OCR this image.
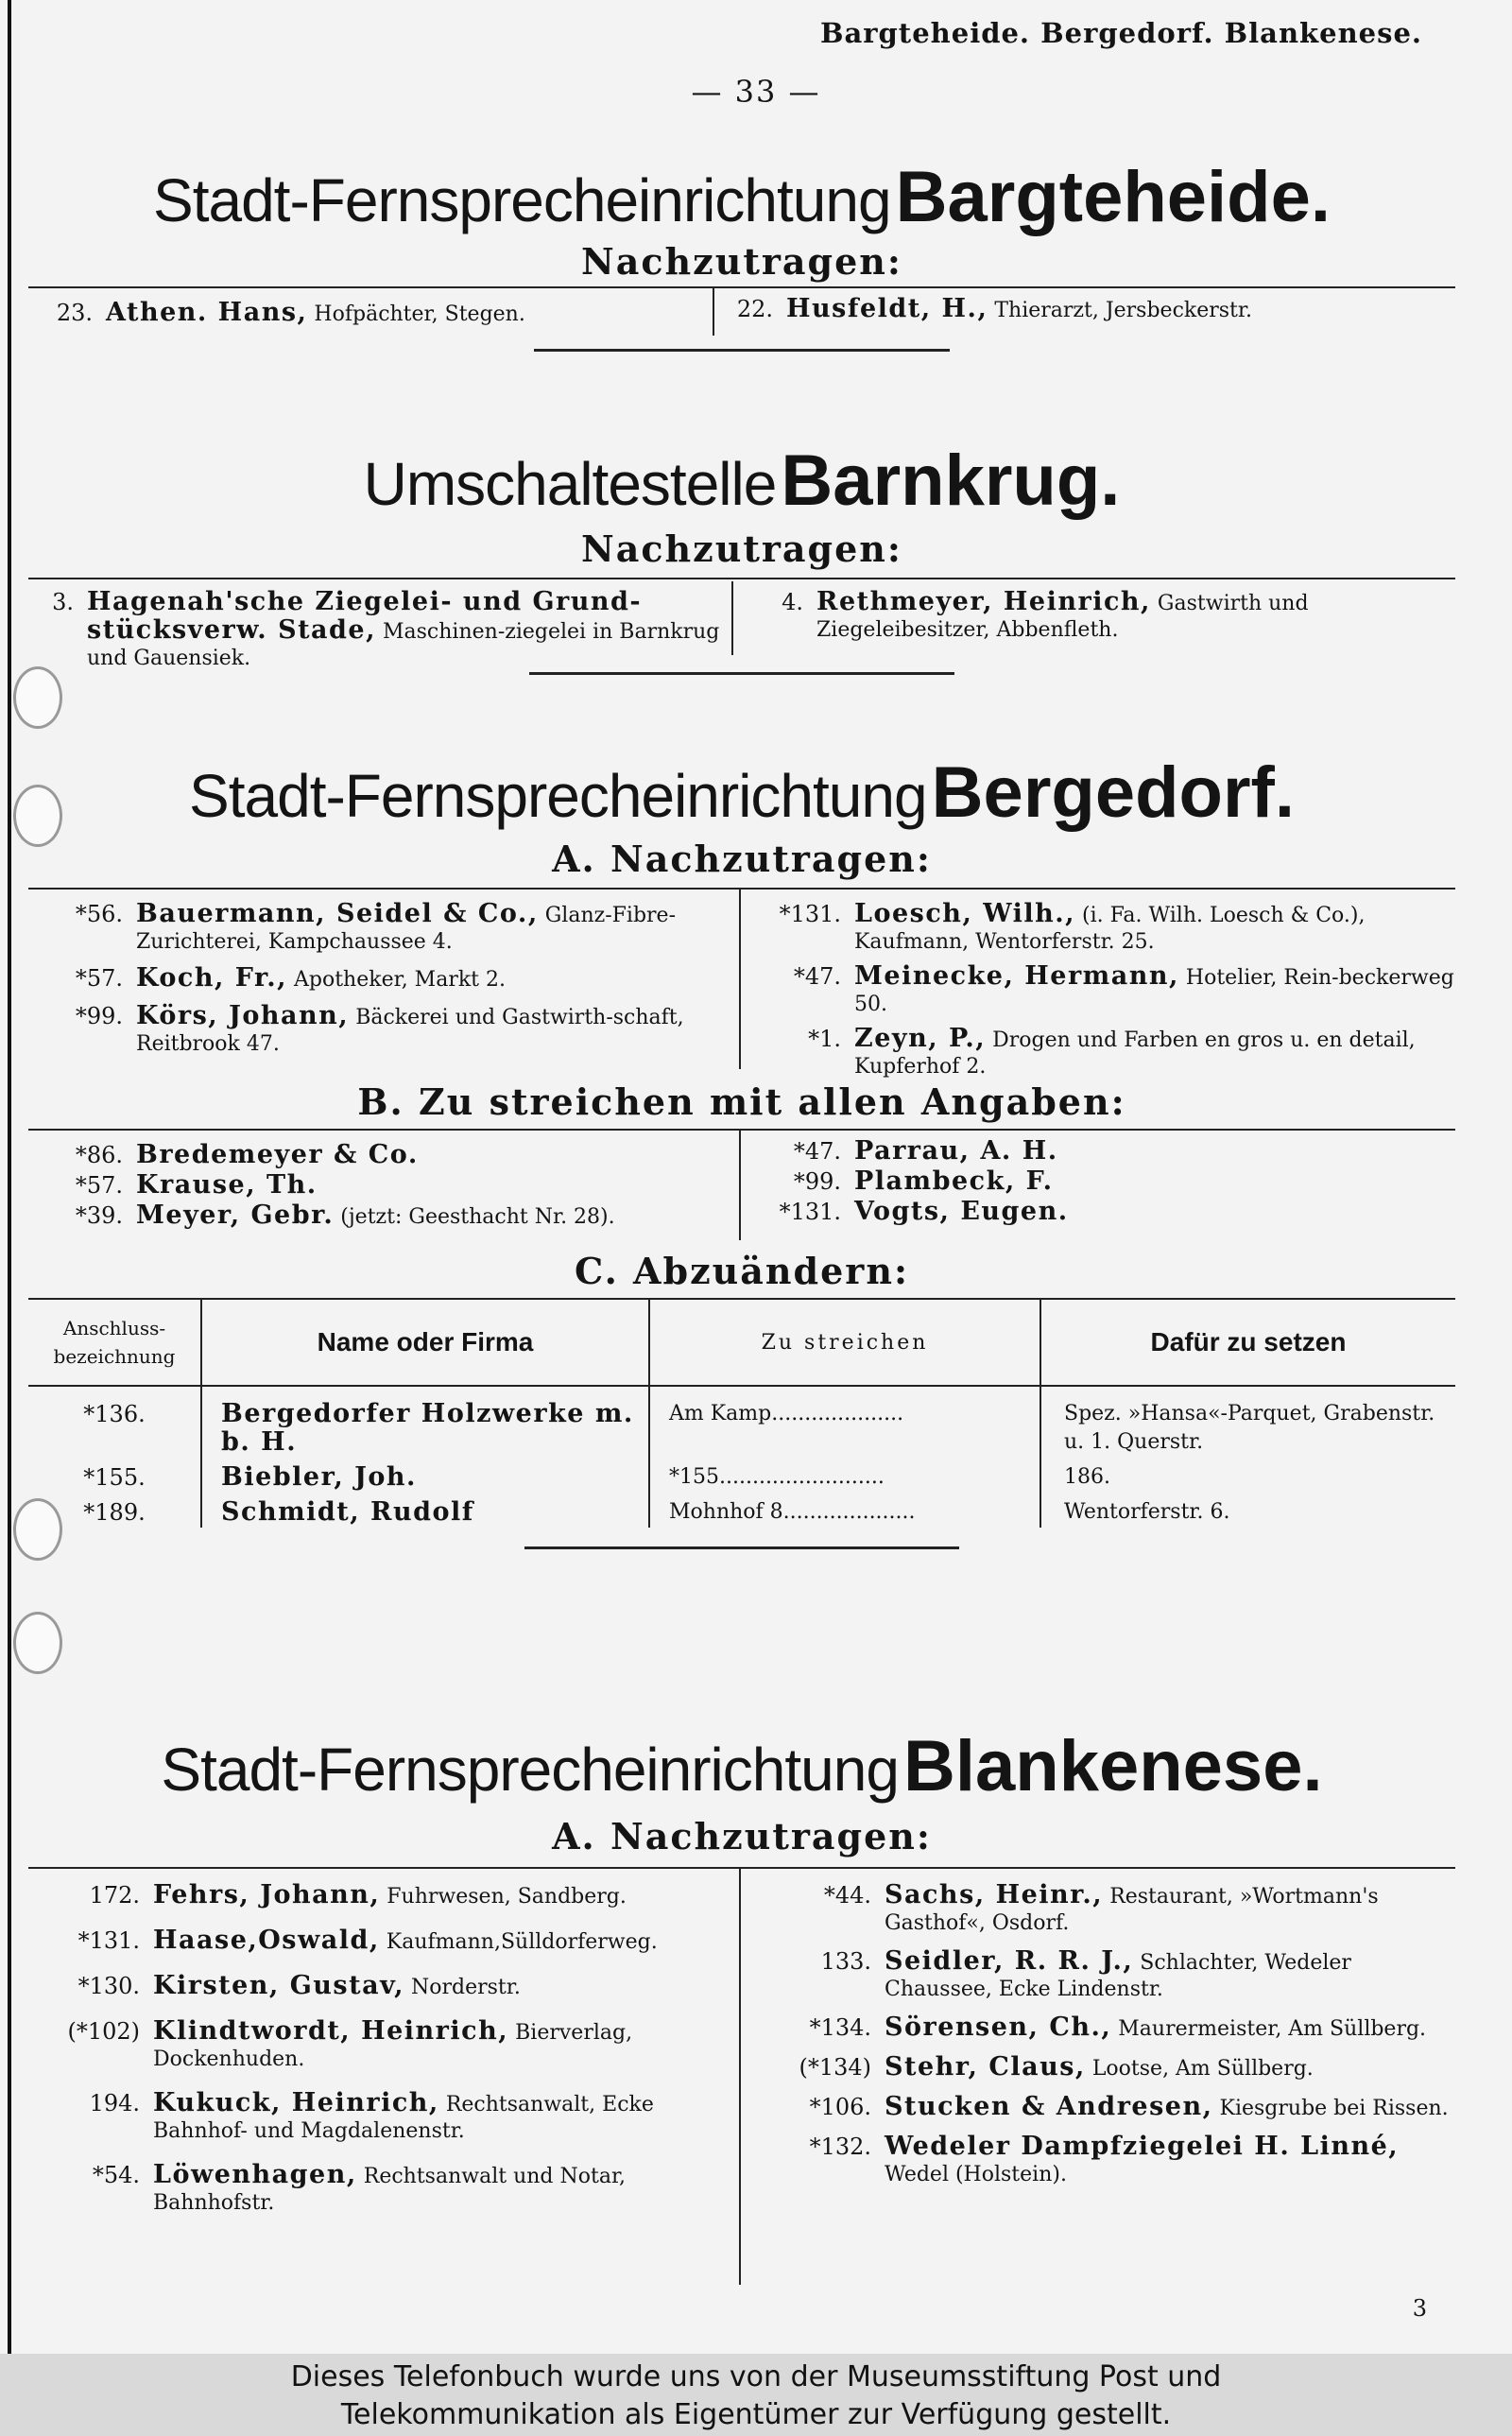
Bargteheide. Bergedorf. Blankenese.
— 33 —
Stadt-Fernsprecheinrichtung Bargteheide.
Nachzutragen:
23. Athen. Hans, Hofpächter, Stegen.	22. Husfeldt, H., Thierarzt, Jersbeckerstr.
Umschaltestelle Barnkrug.
Nachzutragen:
3. Hagenah'sche Ziegelei- und Grund-stücksverw. Stade, Maschinen-ziegelei in Barnkrug und Gauensiek.
4. Rethmeyer, Heinrich, Gastwirth und Ziegeleibesitzer, Abbenfleth.
Stadt-Fernsprecheinrichtung Bergedorf.
A. Nachzutragen:
*56. Bauermann, Seidel & Co., Glanz-Fibre-Zurichterei, Kampchaussee 4.
*57. Koch, Fr., Apotheker, Markt 2.
*99. Körs, Johann, Bäckerei und Gastwirth-schaft, Reitbrook 47.
*131. Loesch, Wilh., (i. Fa. Wilh. Loesch & Co.), Kaufmann, Wentorferstr. 25.
*47. Meinecke, Hermann, Hotelier, Rein-beckerweg 50.
*1. Zeyn, P., Drogen und Farben en gros u. en detail, Kupferhof 2.
B. Zu streichen mit allen Angaben:
*86. Bredemeyer & Co.
*57. Krause, Th.
*39. Meyer, Gebr. (jetzt: Geesthacht Nr. 28).
*47. Parrau, A. H.
*99. Plambeck, F.
*131. Vogts, Eugen.
C. Abzuändern:
Anschluss-bezeichnung	Name oder Firma	Zu streichen	Dafür zu setzen
*136.	Bergedorfer Holzwerke m. b. H.	Am Kamp....................	Spez. »Hansa«-Parquet, Grabenstr. u. 1. Querstr.
*155.	Biebler, Joh.	*155.........................	186.
*189.	Schmidt, Rudolf	Mohnhof 8....................	Wentorferstr. 6.
Stadt-Fernsprecheinrichtung Blankenese.
A. Nachzutragen:
172. Fehrs, Johann, Fuhrwesen, Sandberg.
*131. Haase,Oswald, Kaufmann,Sülldorferweg.
*130. Kirsten, Gustav, Norderstr.
(*102) Klindtwordt, Heinrich, Bierverlag, Dockenhuden.
194. Kukuck, Heinrich, Rechtsanwalt, Ecke Bahnhof- und Magdalenenstr.
*54. Löwenhagen, Rechtsanwalt und Notar, Bahnhofstr.
*44. Sachs, Heinr., Restaurant, »Wortmann's Gasthof«, Osdorf.
133. Seidler, R. R. J., Schlachter, Wedeler Chaussee, Ecke Lindenstr.
*134. Sörensen, Ch., Maurermeister, Am Süllberg.
(*134) Stehr, Claus, Lootse, Am Süllberg.
*106. Stucken & Andresen, Kiesgrube bei Rissen.
*132. Wedeler Dampfziegelei H. Linné, Wedel (Holstein).
3
Dieses Telefonbuch wurde uns von der Museumsstiftung Post und
Telekommunikation als Eigentümer zur Verfügung gestellt.
